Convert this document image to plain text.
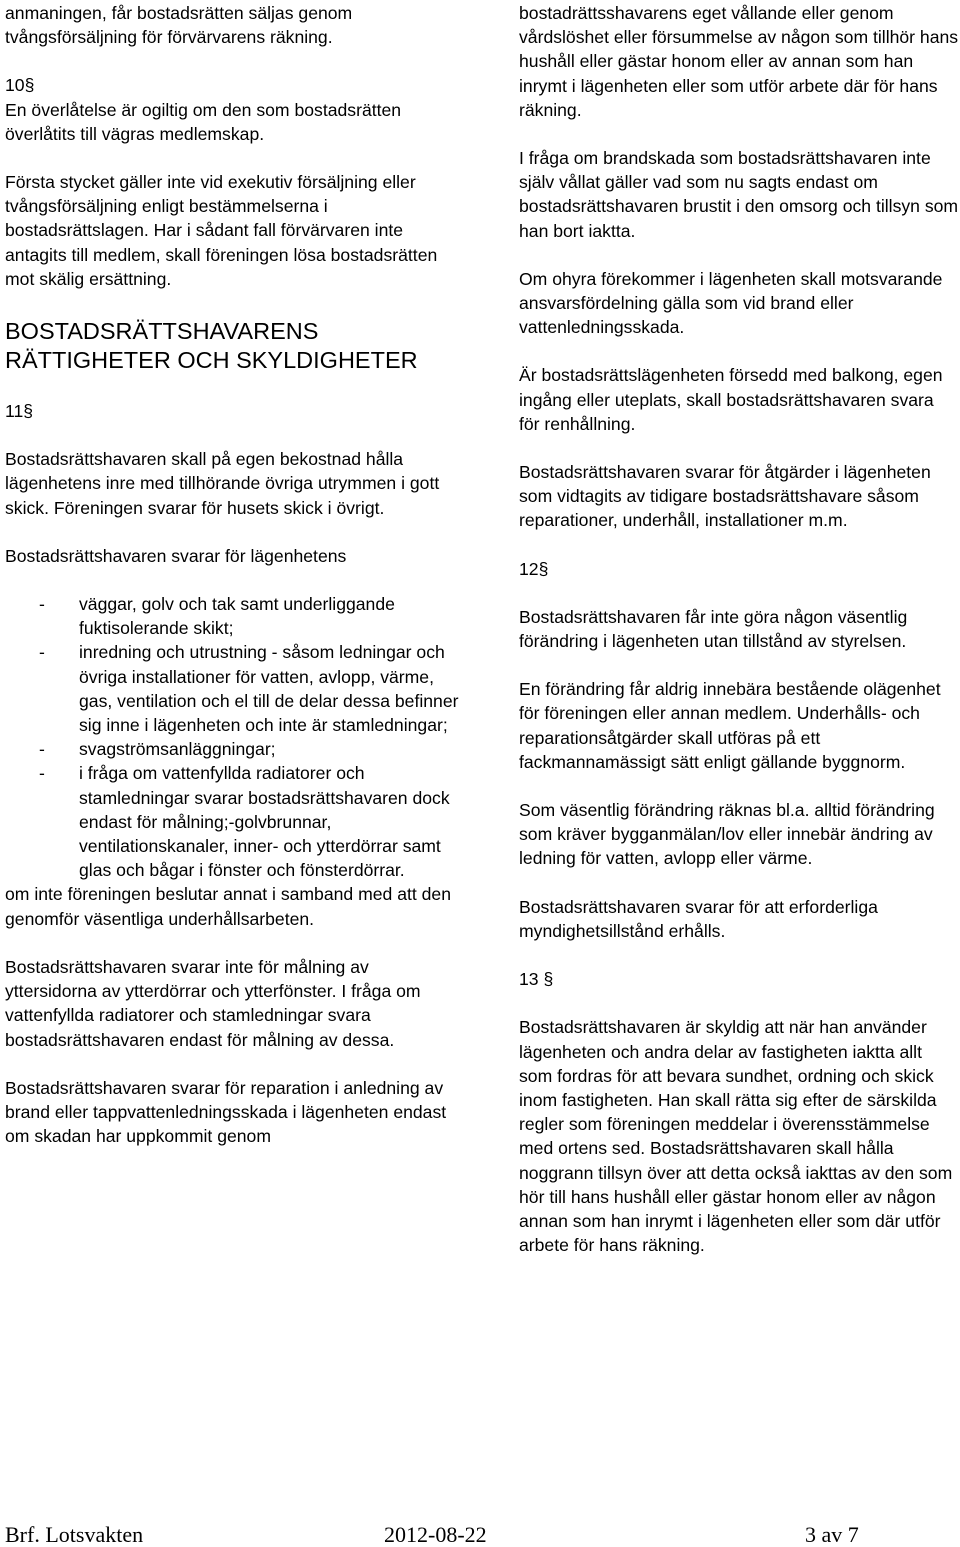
anmaningen, får bostadsrätten säljas genom tvångsförsäljning för förvärvarens räkning.

10§

En överlåtelse är ogiltig om den som bostadsrätten överlåtits till vägras medlemskap.

Första stycket gäller inte vid exekutiv försäljning eller tvångsförsäljning enligt bestämmelserna i bostadsrättslagen. Har i sådant fall förvärvaren inte antagits till medlem, skall föreningen lösa bostadsrätten mot skälig ersättning.

BOSTADSRÄTTSHAVARENS RÄTTIGHETER OCH SKYLDIGHETER

11§

Bostadsrättshavaren skall på egen bekostnad hålla lägenhetens inre med tillhörande övriga utrymmen i gott skick. Föreningen svarar för husets skick i övrigt.

Bostadsrättshavaren svarar för lägenhetens

- väggar, golv och tak samt underliggande fuktisolerande skikt;
- inredning och utrustning - såsom ledningar och övriga installationer för vatten, avlopp, värme, gas, ventilation och el till de delar dessa befinner sig inne i lägenheten och inte är stamledningar;
- svagströmsanläggningar;
- i fråga om vattenfyllda radiatorer och stamledningar svarar bostadsrättshavaren dock endast för målning;-golvbrunnar, ventilationskanaler, inner- och ytterdörrar samt glas och bågar i fönster och fönsterdörrar.

om inte föreningen beslutar annat i samband med att den genomför väsentliga underhållsarbeten.

Bostadsrättshavaren svarar inte för målning av yttersidorna av ytterdörrar och ytterfönster. I fråga om vattenfyllda radiatorer och stamledningar svara bostadsrättshavaren endast för målning av dessa.

Bostadsrättshavaren svarar för reparation i anledning av brand eller tappvattenledningsskada i lägenheten endast om skadan har uppkommit genom

bostadrättsshavarens eget vållande eller genom vårdslöshet eller försummelse av någon som tillhör hans hushåll eller gästar honom eller av annan som han inrymt i lägenheten eller som utför arbete där för hans räkning.

I fråga om brandskada som bostadsrättshavaren inte själv vållat gäller vad som nu sagts endast om bostadsrättshavaren brustit i den omsorg och tillsyn som han bort iaktta.

Om ohyra förekommer i lägenheten skall motsvarande ansvarsfördelning gälla som vid brand eller vattenledningsskada.

Är bostadsrättslägenheten försedd med balkong, egen ingång eller uteplats, skall bostadsrättshavaren svara för renhållning.

Bostadsrättshavaren svarar för åtgärder i lägenheten som vidtagits av tidigare bostadsrättshavare såsom reparationer, underhåll, installationer m.m.

12§

Bostadsrättshavaren får inte göra någon väsentlig förändring i lägenheten utan tillstånd av styrelsen.

En förändring får aldrig innebära bestående olägenhet för föreningen eller annan medlem. Underhålls- och reparationsåtgärder skall utföras på ett fackmannamässigt sätt enligt gällande byggnorm.

Som väsentlig förändring räknas bl.a. alltid förändring som kräver bygganmälan/lov eller innebär ändring av ledning för vatten, avlopp eller värme.

Bostadsrättshavaren svarar för att erforderliga myndighetsillstånd erhålls.

13 §

Bostadsrättshavaren är skyldig att när han använder lägenheten och andra delar av fastigheten iaktta allt som fordras för att bevara sundhet, ordning och skick inom fastigheten. Han skall rätta sig efter de särskilda regler som föreningen meddelar i överensstämmelse med ortens sed. Bostadsrättshavaren skall hålla noggrann tillsyn över att detta också iakttas av den som hör till hans hushåll eller gästar honom eller av någon annan som han inrymt i lägenheten eller som där utför arbete för hans räkning.

Brf. Lotsvakten	2012-08-22	3 av 7
